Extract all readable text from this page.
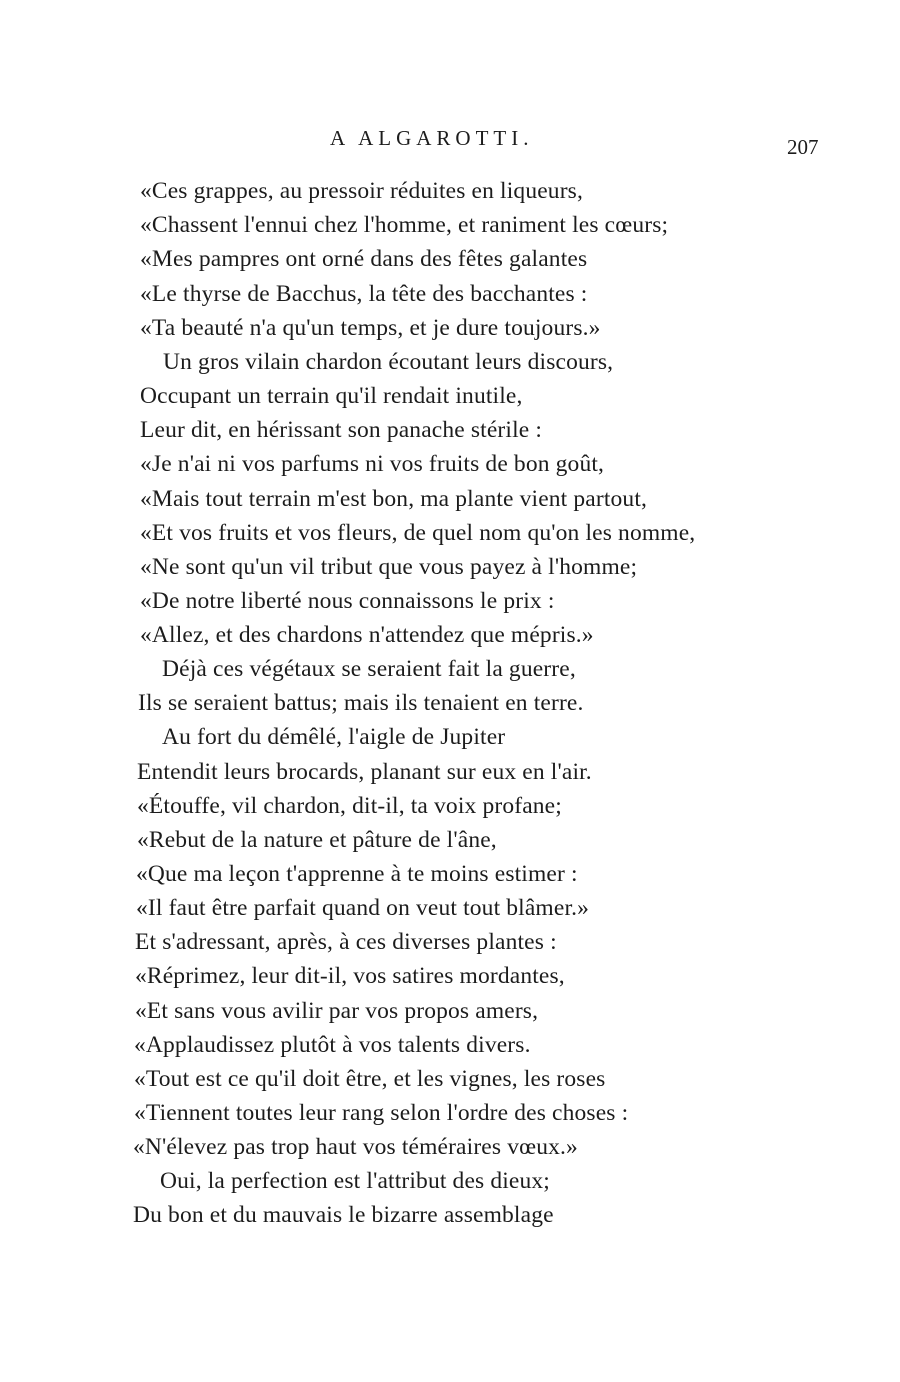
A ALGAROTTI.	207
«Ces grappes, au pressoir réduites en liqueurs,
«Chassent l'ennui chez l'homme, et raniment les cœurs;
«Mes pampres ont orné dans des fêtes galantes
«Le thyrse de Bacchus, la tête des bacchantes :
«Ta beauté n'a qu'un temps, et je dure toujours.»
Un gros vilain chardon écoutant leurs discours,
Occupant un terrain qu'il rendait inutile,
Leur dit, en hérissant son panache stérile :
«Je n'ai ni vos parfums ni vos fruits de bon goût,
«Mais tout terrain m'est bon, ma plante vient partout,
«Et vos fruits et vos fleurs, de quel nom qu'on les nomme,
«Ne sont qu'un vil tribut que vous payez à l'homme;
«De notre liberté nous connaissons le prix :
«Allez, et des chardons n'attendez que mépris.»
Déjà ces végétaux se seraient fait la guerre,
Ils se seraient battus; mais ils tenaient en terre.
Au fort du démêlé, l'aigle de Jupiter
Entendit leurs brocards, planant sur eux en l'air.
«Étouffe, vil chardon, dit-il, ta voix profane;
«Rebut de la nature et pâture de l'âne,
«Que ma leçon t'apprenne à te moins estimer :
«Il faut être parfait quand on veut tout blâmer.»
Et s'adressant, après, à ces diverses plantes :
«Réprimez, leur dit-il, vos satires mordantes,
«Et sans vous avilir par vos propos amers,
«Applaudissez plutôt à vos talents divers.
«Tout est ce qu'il doit être, et les vignes, les roses
«Tiennent toutes leur rang selon l'ordre des choses :
«N'élevez pas trop haut vos téméraires vœux.»
Oui, la perfection est l'attribut des dieux;
Du bon et du mauvais le bizarre assemblage
